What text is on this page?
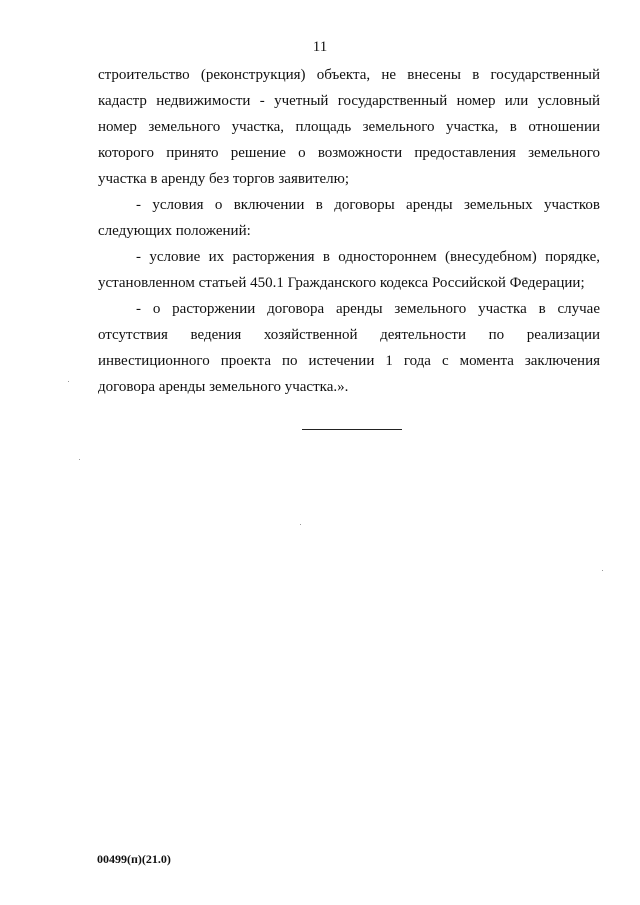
11
строительство (реконструкция) объекта, не внесены в государственный
кадастр недвижимости - учетный государственный номер или условный
номер земельного участка, площадь земельного участка, в отношении
которого принято решение о возможности предоставления земельного
участка в аренду без торгов заявителю;
- условия о включении в договоры аренды земельных участков
следующих положений:
- условие их расторжения в одностороннем (внесудебном) порядке,
установленном статьей 450.1 Гражданского кодекса Российской Федерации;
- о расторжении договора аренды земельного участка в случае
отсутствия ведения хозяйственной деятельности по реализации
инвестиционного проекта по истечении 1 года с момента заключения
договора аренды земельного участка.».
00499(п)(21.0)
